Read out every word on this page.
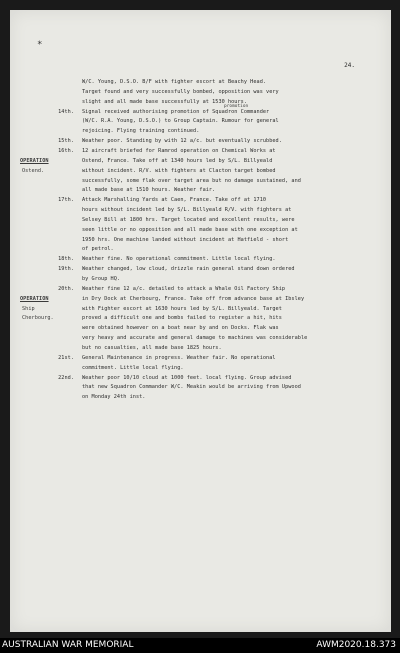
*
24.
W/C. Young, D.S.O. B/F with fighter escort at Beachy Head.
Target found and very successfully bombed, opposition was very
slight and all made base successfully at 1530 hours.
14th.
promotion
Signal received authorising promotion of Squadron Commander
(W/C. R.A. Young, D.S.O.) to Group Captain. Rumour for general
rejoicing. Flying training continued.
15th. Weather poor. Standing by with 12 a/c. but eventually scrubbed.
16th.
OPERATION
Ostend.
12 aircraft briefed for Ramrod operation on Chemical Works at
Ostend, France. Take off at 1340 hours led by S/L. Billyeald
without incident. R/V. with fighters at Clacton target bombed
successfully, some flak over target area but no damage sustained, and
all made base at 1510 hours. Weather fair.
17th. Attack Marshalling Yards at Caen, France. Take off at 1710
hours without incident led by S/L. Billyeald R/V. with fighters at
Selsey Bill at 1800 hrs. Target located and excellent results, were
seen little or no opposition and all made base with one exception at
1950 hrs. One machine landed without incident at Hatfield - short
of petrol.
18th. Weather fine. No operational commitment. Little local flying.
19th. Weather changed, low cloud, drizzle rain general stand down ordered
by Group HQ.
20th.
OPERATION
Ship
Cherbourg.
Weather fine 12 a/c. detailed to attack a Whale Oil Factory Ship
in Dry Dock at Cherbourg, France. Take off from advance base at Ibsley
with Fighter escort at 1630 hours led by S/L. Billyeald. Target
proved a difficult one and bombs failed to register a hit, hits
were obtained however on a boat near by and on Docks. Flak was
very heavy and accurate and general damage to machines was considerable
but no casualties, all made base 1825 hours.
21st. General Maintenance in progress. Weather fair. No operational
commitment. Little local flying.
22nd. Weather poor 10/10 cloud at 1000 feet. local flying. Group advised
that new Squadron Commander W/C. Meakin would be arriving from Upwood
on Monday 24th inst.
AUSTRALIAN WAR MEMORIAL	AWM2020.18.373
